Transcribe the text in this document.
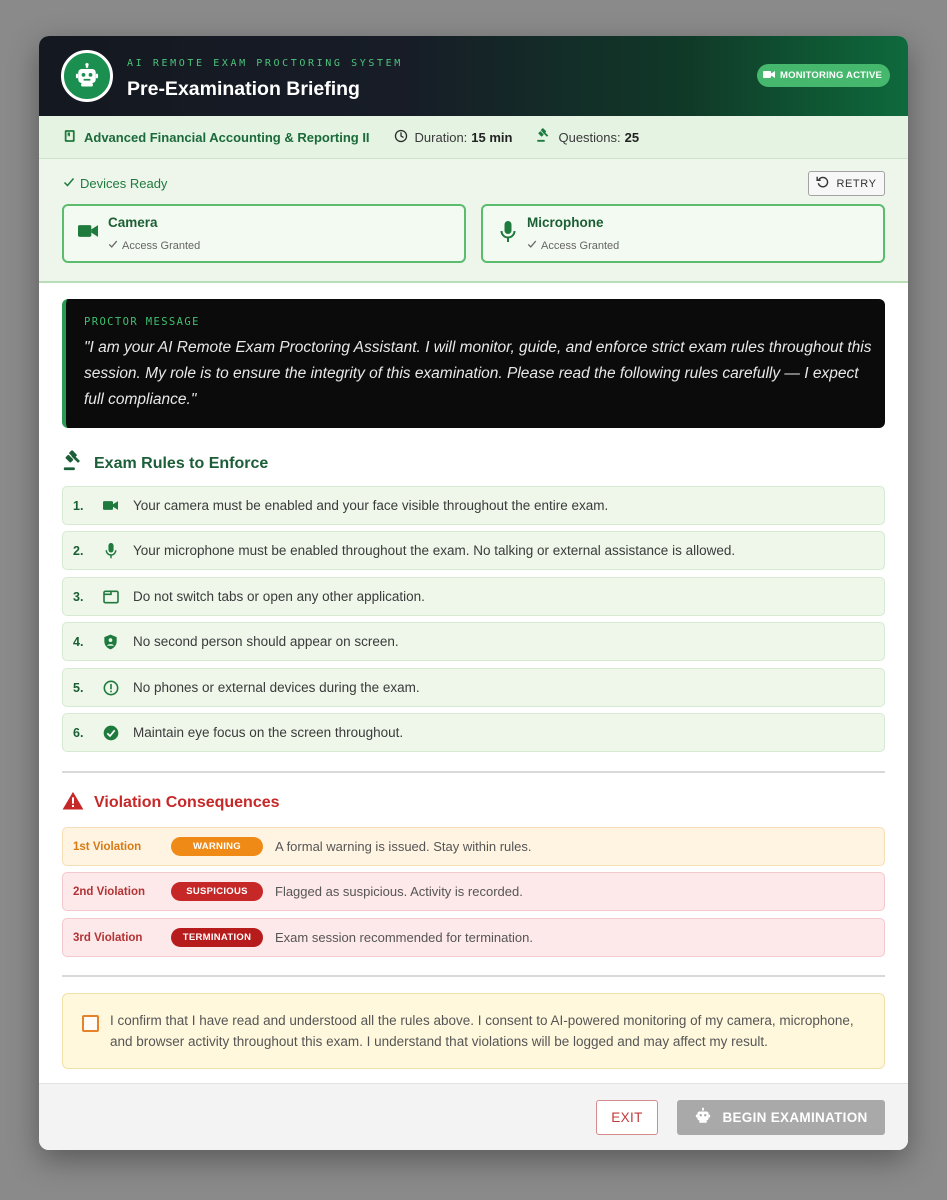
AI REMOTE EXAM PROCTORING SYSTEM
Pre-Examination Briefing
MONITORING ACTIVE
Advanced Financial Accounting & Reporting II	Duration: 15 min	Questions: 25
Devices Ready	RETRY
Camera
Access Granted
Microphone
Access Granted
PROCTOR MESSAGE
"I am your AI Remote Exam Proctoring Assistant. I will monitor, guide, and enforce strict exam rules throughout this session. My role is to ensure the integrity of this examination. Please read the following rules carefully — I expect full compliance."
Exam Rules to Enforce
1.	Your camera must be enabled and your face visible throughout the entire exam.
2.	Your microphone must be enabled throughout the exam. No talking or external assistance is allowed.
3.	Do not switch tabs or open any other application.
4.	No second person should appear on screen.
5.	No phones or external devices during the exam.
6.	Maintain eye focus on the screen throughout.
Violation Consequences
1st Violation	WARNING	A formal warning is issued. Stay within rules.
2nd Violation	SUSPICIOUS	Flagged as suspicious. Activity is recorded.
3rd Violation	TERMINATION	Exam session recommended for termination.
I confirm that I have read and understood all the rules above. I consent to AI-powered monitoring of my camera, microphone, and browser activity throughout this exam. I understand that violations will be logged and may affect my result.
EXIT	BEGIN EXAMINATION
